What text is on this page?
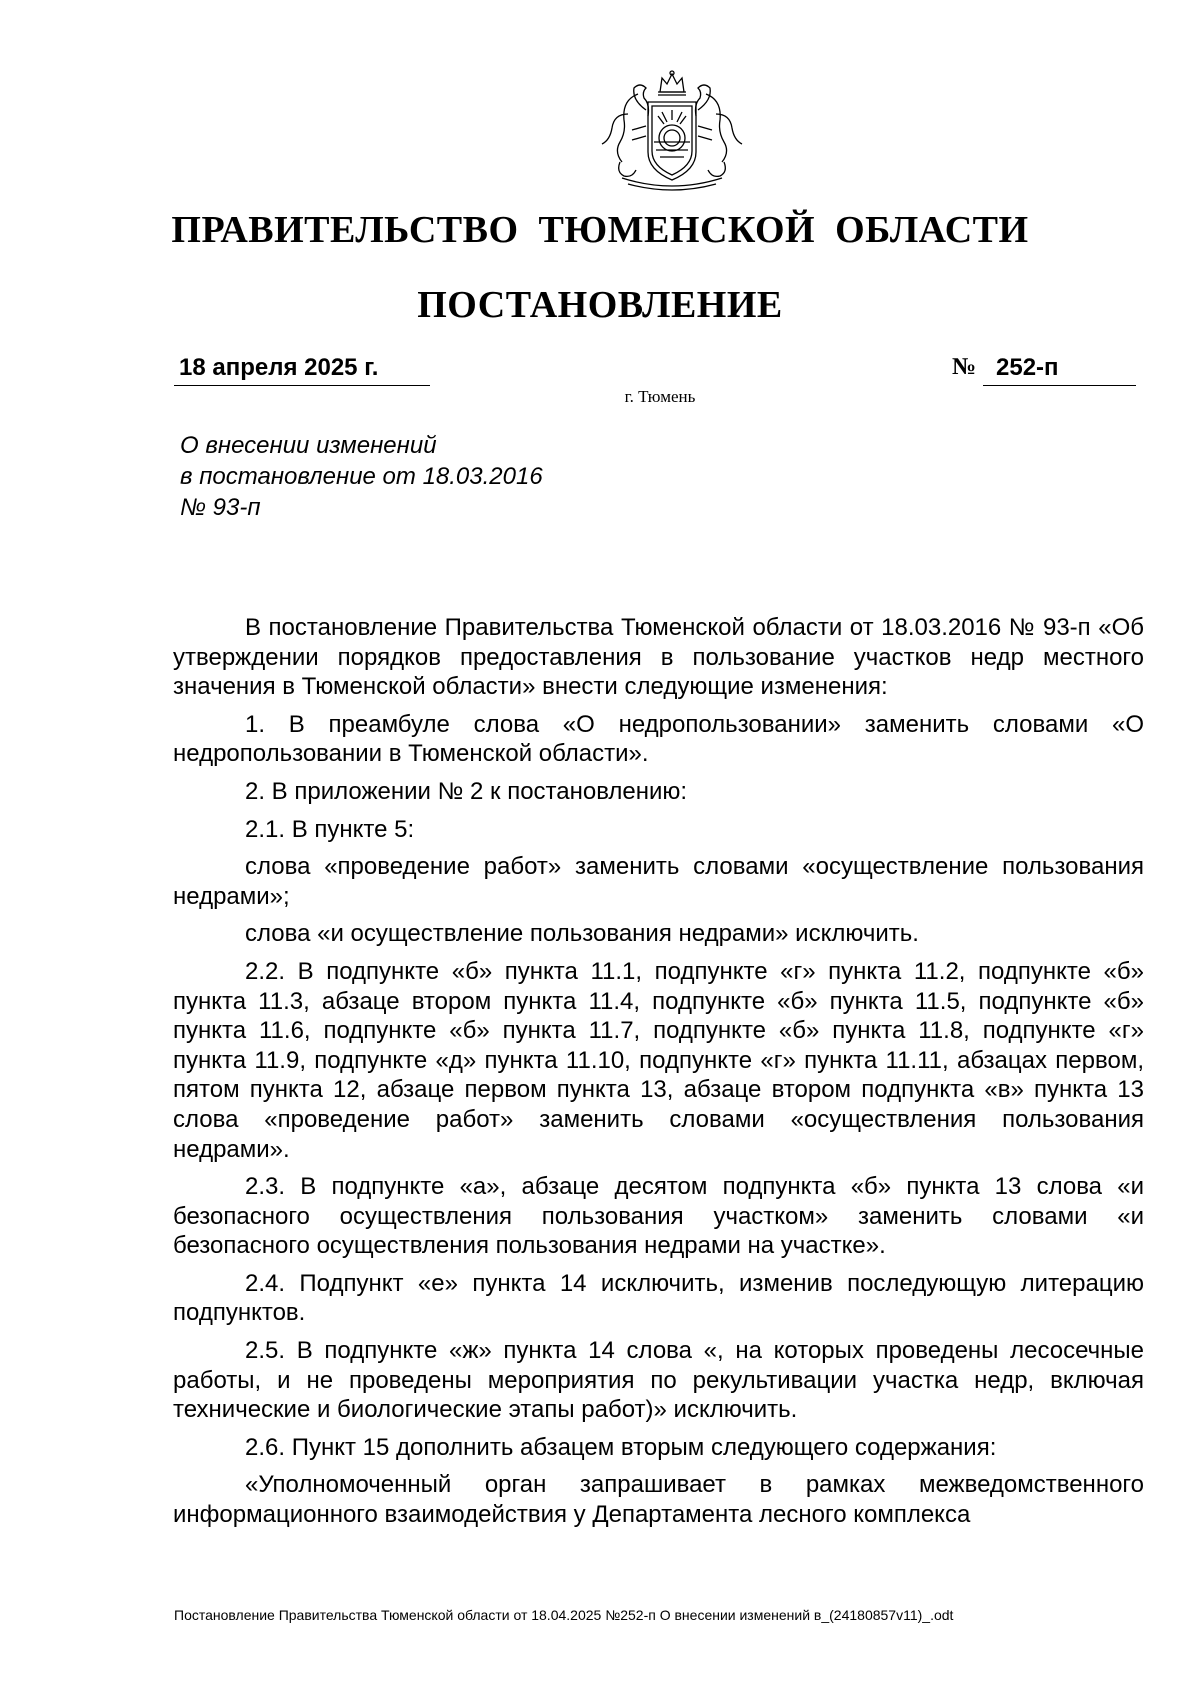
ПРАВИТЕЛЬСТВО ТЮМЕНСКОЙ ОБЛАСТИ
ПОСТАНОВЛЕНИЕ
18 апреля 2025 г.	№ 252-п
г. Тюмень
О внесении изменений
в постановление от 18.03.2016
№ 93-п

В постановление Правительства Тюменской области от 18.03.2016 № 93-п «Об утверждении порядков предоставления в пользование участков недр местного значения в Тюменской области» внести следующие изменения:

1. В преамбуле слова «О недропользовании» заменить словами «О недропользовании в Тюменской области».

2. В приложении № 2 к постановлению:

2.1. В пункте 5:

слова «проведение работ» заменить словами «осуществление пользования недрами»;

слова «и осуществление пользования недрами» исключить.

2.2. В подпункте «б» пункта 11.1, подпункте «г» пункта 11.2, подпункте «б» пункта 11.3, абзаце втором пункта 11.4, подпункте «б» пункта 11.5, подпункте «б» пункта 11.6, подпункте «б» пункта 11.7, подпункте «б» пункта 11.8, подпункте «г» пункта 11.9, подпункте «д» пункта 11.10, подпункте «г» пункта 11.11, абзацах первом, пятом пункта 12, абзаце первом пункта 13, абзаце втором подпункта «в» пункта 13 слова «проведение работ» заменить словами «осуществления пользования недрами».

2.3. В подпункте «а», абзаце десятом подпункта «б» пункта 13 слова «и безопасного осуществления пользования участком» заменить словами «и безопасного осуществления пользования недрами на участке».

2.4. Подпункт «е» пункта 14 исключить, изменив последующую литерацию подпунктов.

2.5. В подпункте «ж» пункта 14 слова «, на которых проведены лесосечные работы, и не проведены мероприятия по рекультивации участка недр, включая технические и биологические этапы работ)» исключить.

2.6. Пункт 15 дополнить абзацем вторым следующего содержания:

«Уполномоченный орган запрашивает в рамках межведомственного информационного взаимодействия у Департамента лесного комплекса

Постановление Правительства Тюменской области от 18.04.2025 №252-п О внесении изменений в_(24180857v11)_.odt
